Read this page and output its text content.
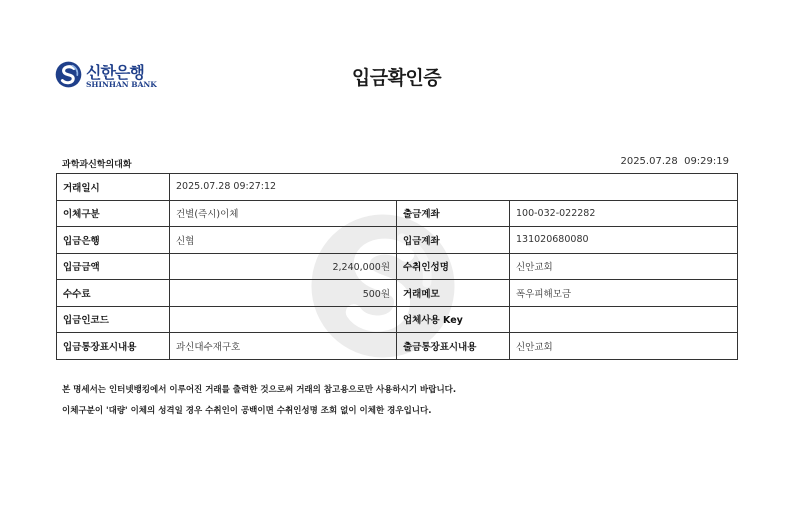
신한은행
SHINHAN BANK	입금확인증
과학과신학의대화	2025.07.28  09:29:19
거래일시	2025.07.28 09:27:12		
이체구분	건별(즉시)이체	출금계좌	100-032-022282
입금은행	신협	입금계좌	131020680080
입금금액	2,240,000원	수취인성명	신안교회
수수료	500원	거래메모	폭우피해모금
입금인코드		업체사용 Key	
입금통장표시내용	과신대수재구호	출금통장표시내용	신안교회
본 명세서는 인터넷뱅킹에서 이루어진 거래를 출력한 것으로써 거래의 참고용으로만 사용하시기 바랍니다.
이체구분이 '대량' 이체의 성격일 경우 수취인이 공백이면 수취인성명 조회 없이 이체한 경우입니다.
